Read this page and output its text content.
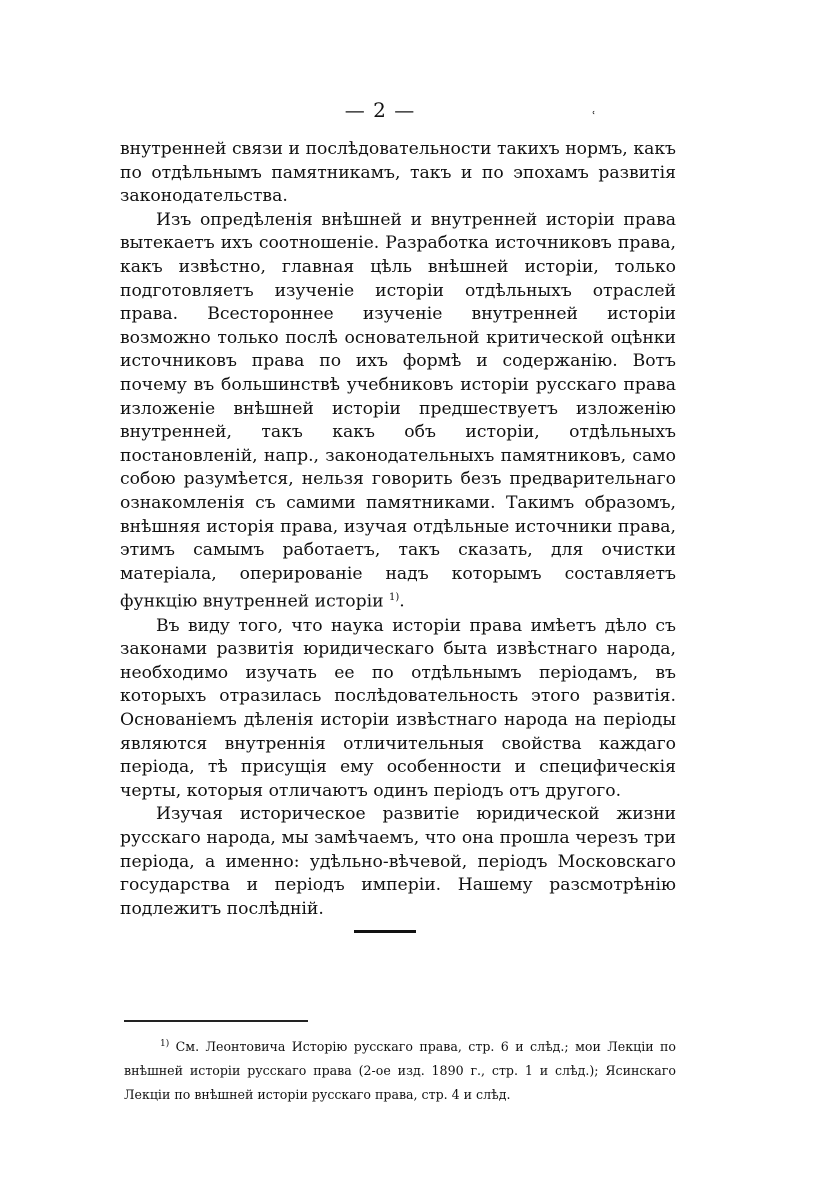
— 2 —	˓

внутренней связи и послѣдовательности такихъ нормъ, какъ по отдѣльнымъ памятникамъ, такъ и по эпохамъ развитія законодательства.

Изъ опредѣленія внѣшней и внутренней исторіи права вытекаетъ ихъ соотношеніе. Разработка источниковъ права, какъ извѣстно, главная цѣль внѣшней исторіи, только подготовляетъ изученіе исторіи отдѣльныхъ отраслей права. Всестороннее изученіе внутренней исторіи возможно только послѣ основательной критической оцѣнки источниковъ права по ихъ формѣ и содержанію. Вотъ почему въ большинствѣ учебниковъ исторіи русскаго права изложеніе внѣшней исторіи предшествуетъ изложенію внутренней, такъ какъ объ исторіи, отдѣльныхъ постановленій, напр., законодательныхъ памятниковъ, само собою разумѣется, нельзя говорить безъ предварительнаго ознакомленія съ самими памятниками. Такимъ образомъ, внѣшняя исторія права, изучая отдѣльные источники права, этимъ самымъ работаетъ, такъ сказать, для очистки матеріала, оперированіе надъ которымъ составляетъ функцію внутренней исторіи $^{1)}$.

Въ виду того, что наука исторіи права имѣетъ дѣло съ законами развитія юридическаго быта извѣстнаго народа, необходимо изучать ее по отдѣльнымъ періодамъ, въ которыхъ отразилась послѣдовательность этого развитія. Основаніемъ дѣленія исторіи извѣстнаго народа на періоды являются внутреннія отличительныя свойства каждаго періода, тѣ присущія ему особенности и специфическія черты, которыя отличаютъ одинъ періодъ отъ другого.

Изучая историческое развитіе юридической жизни русскаго народа, мы замѣчаемъ, что она прошла черезъ три періода, а именно: удѣльно-вѣчевой, періодъ Московскаго государства и періодъ имперіи. Нашему разсмотрѣнію подлежитъ послѣдній.

$^{1)}$ См. Леонтовича Исторію русскаго права, стр. 6 и слѣд.; мои Лекціи по внѣшней исторіи русскаго права (2-ое изд. 1890 г., стр. 1 и слѣд.); Ясинскаго Лекціи по внѣшней исторіи русскаго права, стр. 4 и слѣд.
